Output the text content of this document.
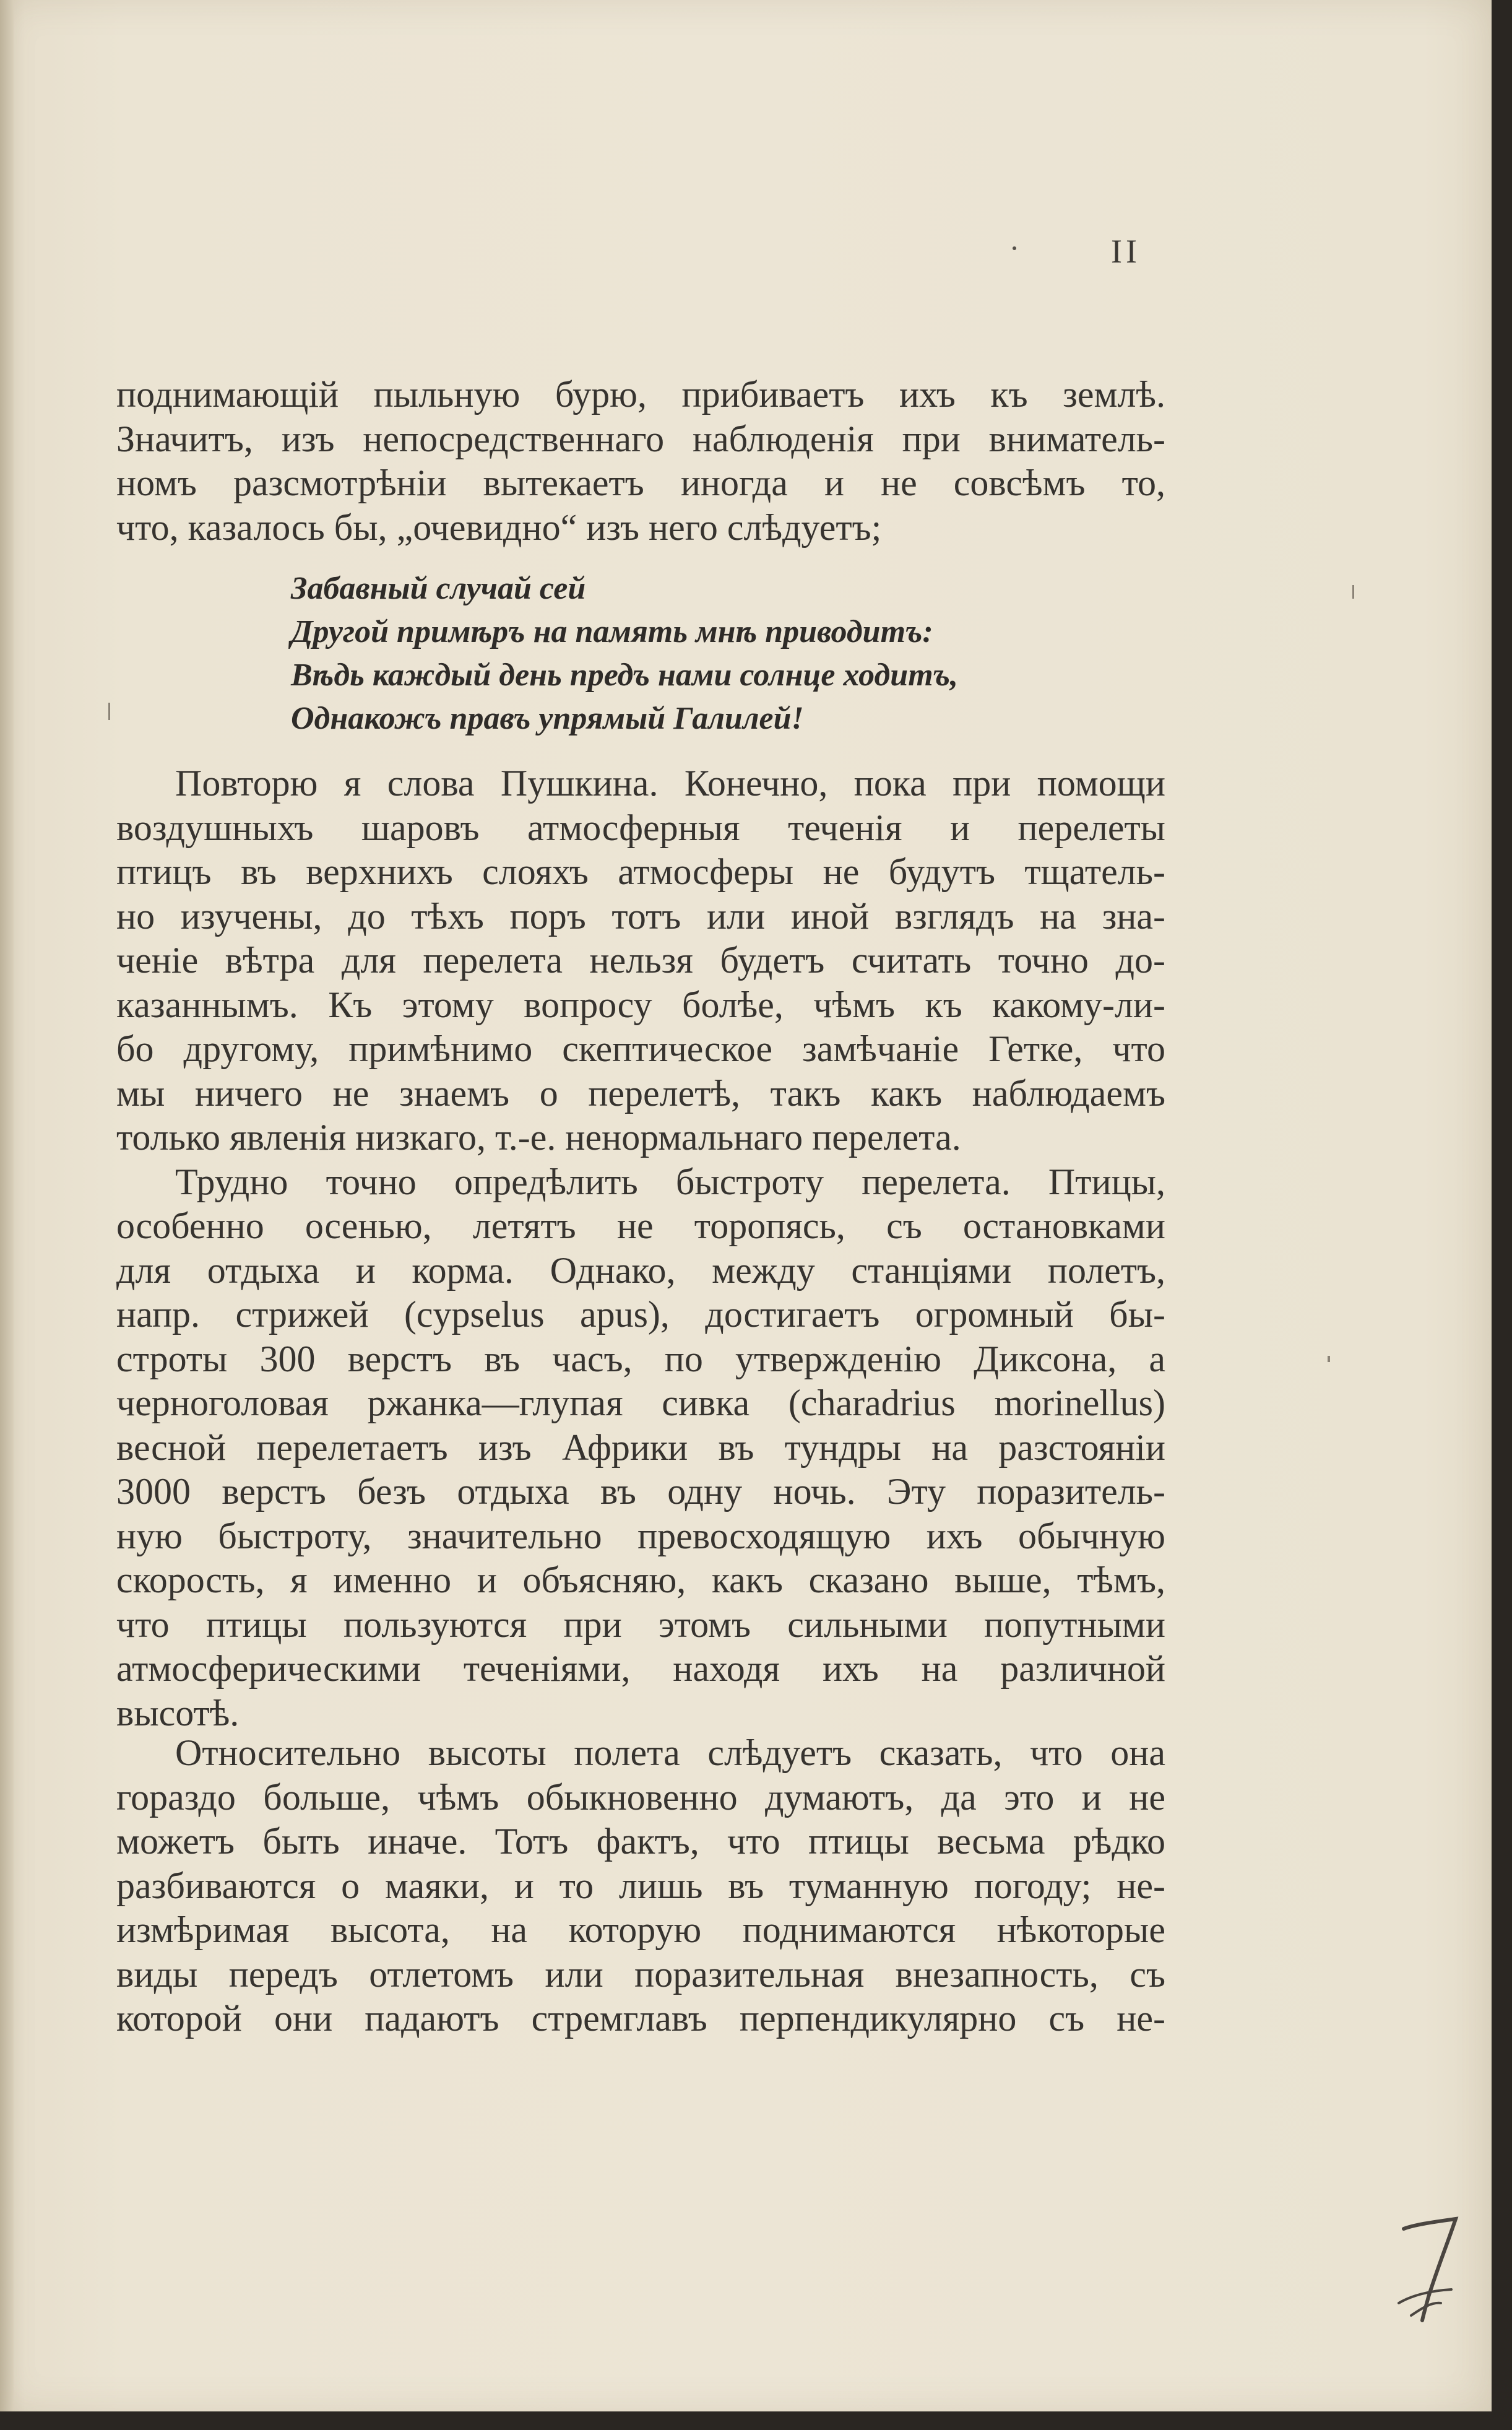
II
поднимающій пыльную бурю, прибиваетъ ихъ къ землѣ.
Значитъ, изъ непосредственнаго наблюденія при вниматель-
номъ разсмотрѣніи вытекаетъ иногда и не совсѣмъ то,
что, казалось бы, „очевидно“ изъ него слѣдуетъ;
Забавный случай сей
Другой примѣръ на память мнѣ приводитъ:
Вѣдь каждый день предъ нами солнце ходитъ,
Однакожъ правъ упрямый Галилей!
Повторю я слова Пушкина. Конечно, пока при помощи
воздушныхъ шаровъ атмосферныя теченія и перелеты
птицъ въ верхнихъ слояхъ атмосферы не будутъ тщатель-
но изучены, до тѣхъ поръ тотъ или иной взглядъ на зна-
ченіе вѣтра для перелета нельзя будетъ считать точно до-
казаннымъ. Къ этому вопросу болѣе, чѣмъ къ какому-ли-
бо другому, примѣнимо скептическое замѣчаніе Гетке, что
мы ничего не знаемъ о перелетѣ, такъ какъ наблюдаемъ
только явленія низкаго, т.-е. ненормальнаго перелета.
Трудно точно опредѣлить быстроту перелета. Птицы,
особенно осенью, летятъ не торопясь, съ остановками
для отдыха и корма. Однако, между станціями полетъ,
напр. стрижей (cypselus apus), достигаетъ огромный бы-
строты 300 верстъ въ часъ, по утвержденію Диксона, а
черноголовая ржанка—глупая сивка (charadrius morinellus)
весной перелетаетъ изъ Африки въ тундры на разстояніи
3000 верстъ безъ отдыха въ одну ночь. Эту поразитель-
ную быстроту, значительно превосходящую ихъ обычную
скорость, я именно и объясняю, какъ сказано выше, тѣмъ,
что птицы пользуются при этомъ сильными попутными
атмосферическими теченіями, находя ихъ на различной
высотѣ.
Относительно высоты полета слѣдуетъ сказать, что она
гораздо больше, чѣмъ обыкновенно думаютъ, да это и не
можетъ быть иначе. Тотъ фактъ, что птицы весьма рѣдко
разбиваются о маяки, и то лишь въ туманную погоду; не-
измѣримая высота, на которую поднимаются нѣкоторые
виды передъ отлетомъ или поразительная внезапность, съ
которой они падаютъ стремглавъ перпендикулярно съ не-
